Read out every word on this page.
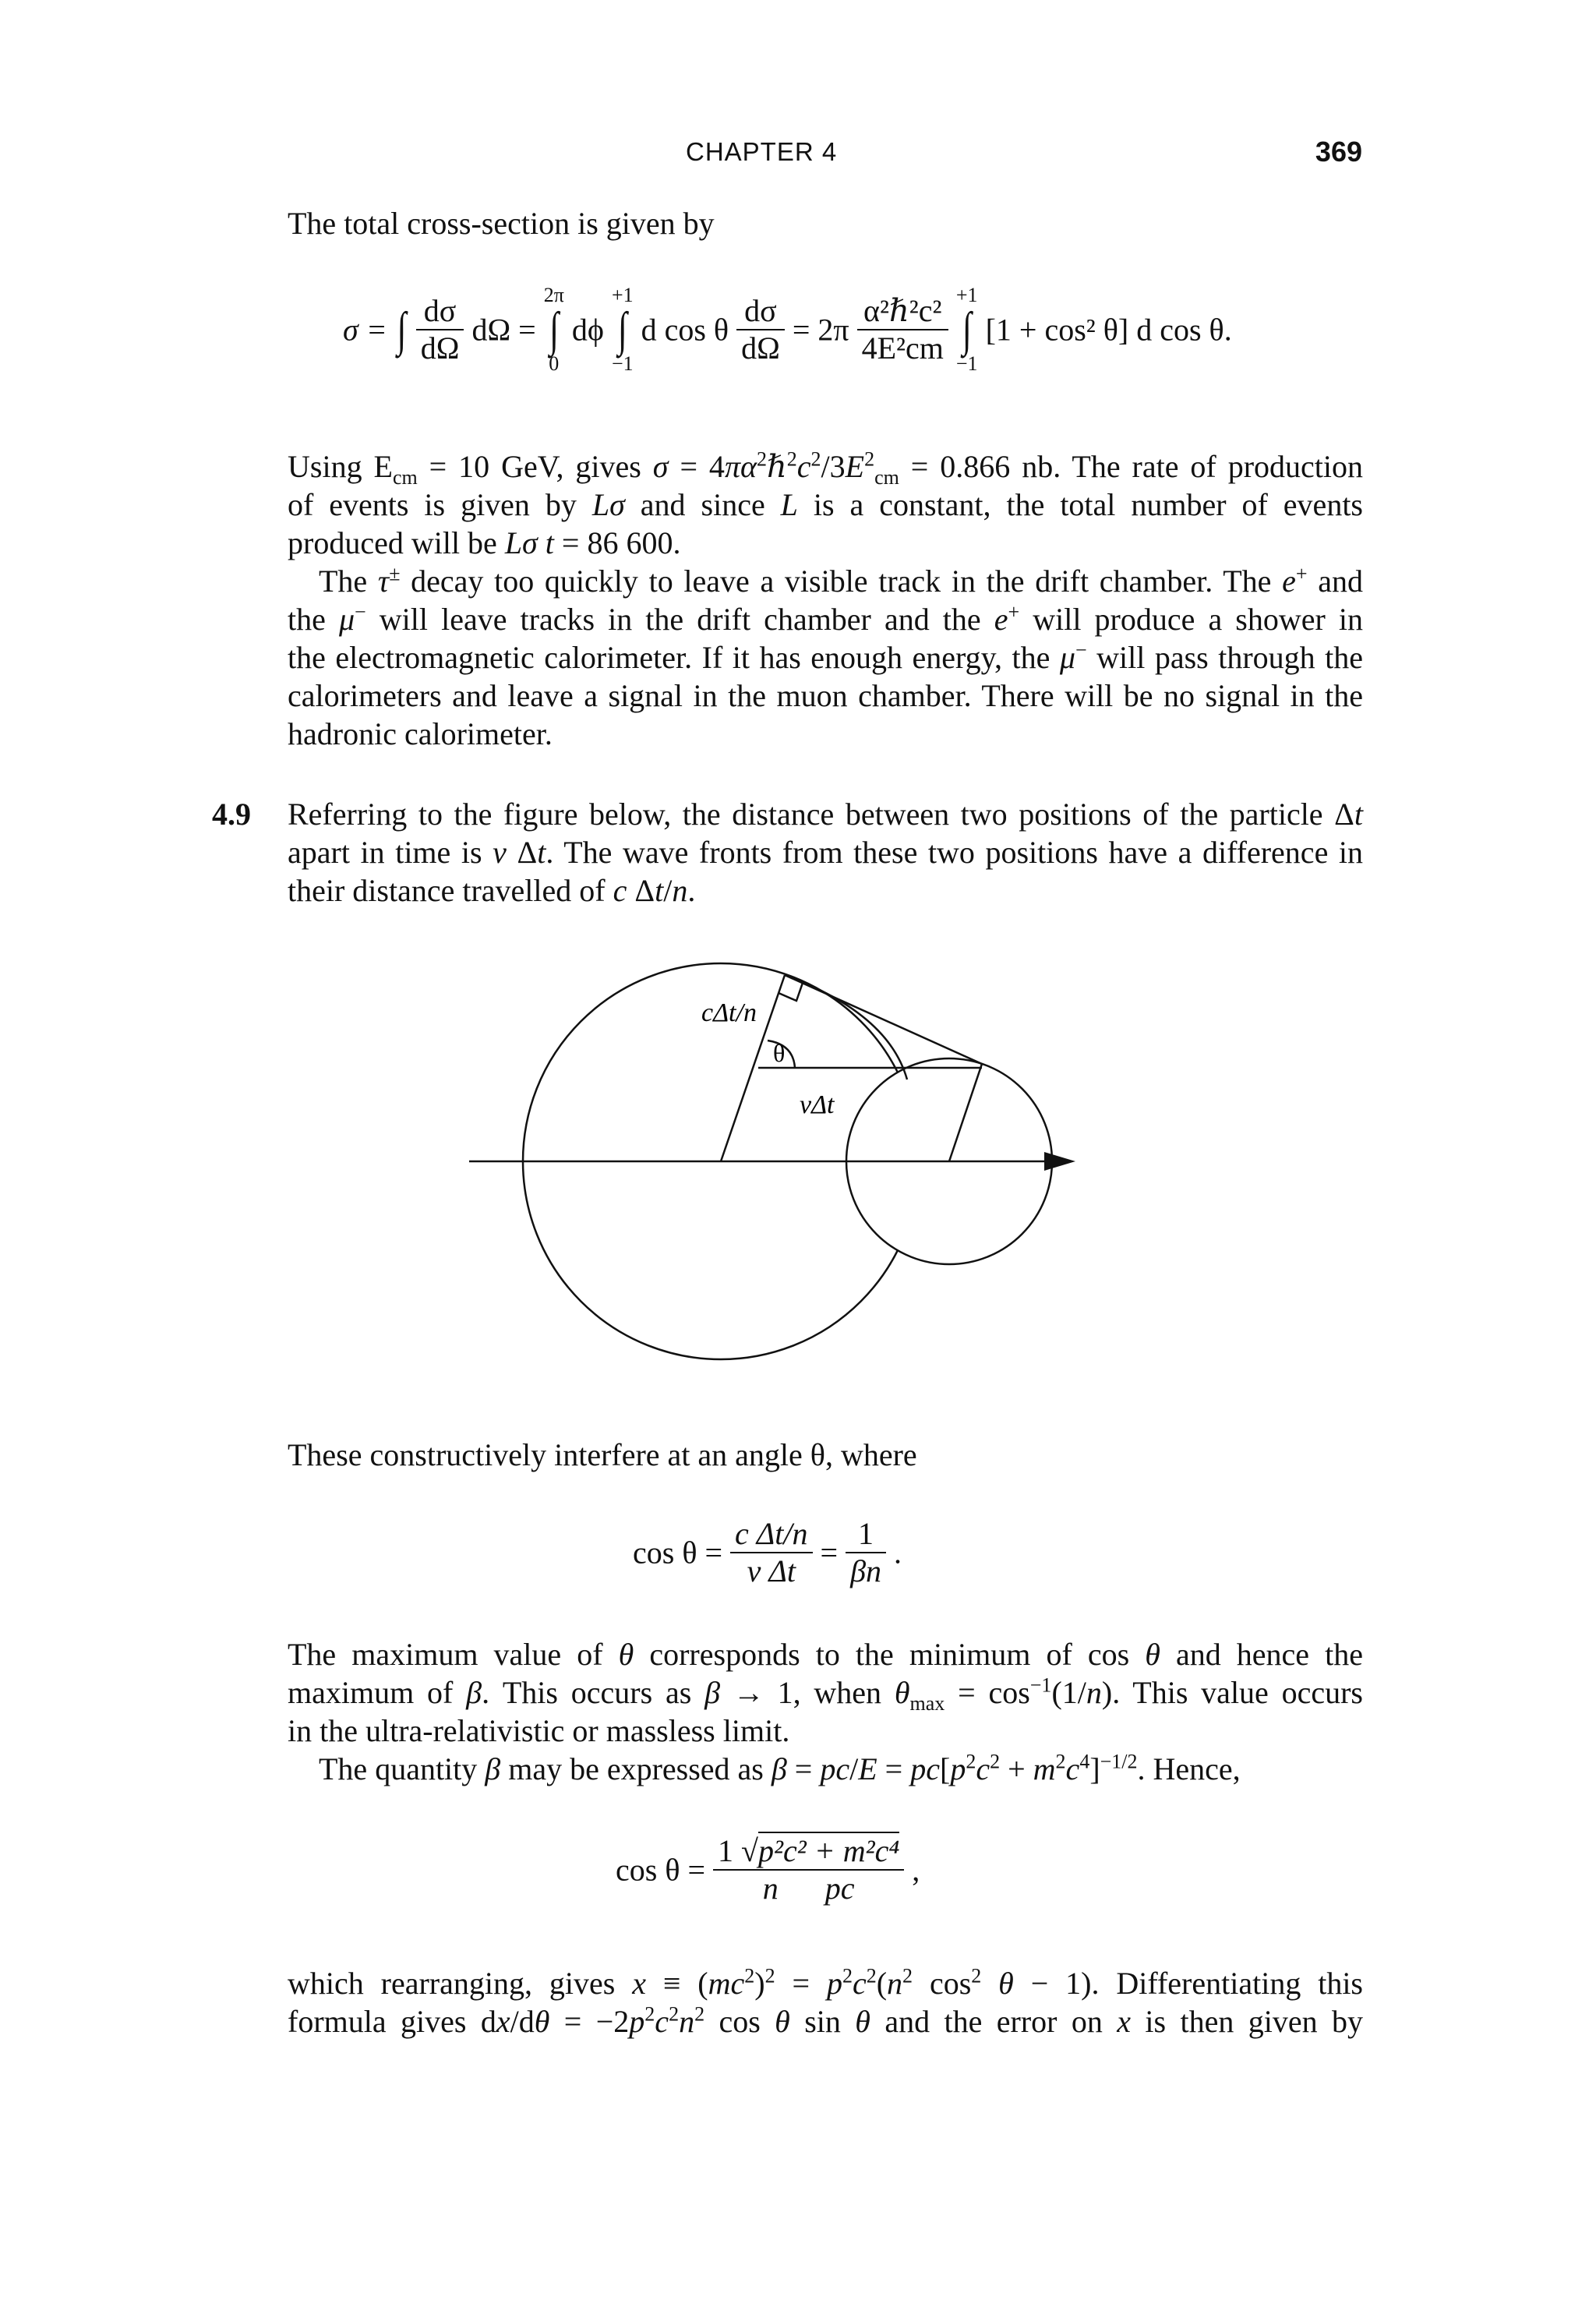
CHAPTER 4	369
The total cross-section is given by
σ =
∫

$\frac{d\sigma}{d\Omega}$ dΩ =
2π
∫
0
dϕ
+1
∫
−1
d cos θ $\frac{d\sigma}{d\Omega} = 2\pi \frac{\text{α²ℏ²c²}}{\text{4E²cm}}$
+1
∫
−1
[1 + cos² θ] d cos θ.
Using $E_{cm} = 10$ GeV, gives $\sigma = 4\pi\alpha^2\hbar^2c^2/3E^2_{cm} = 0.866$ nb. The rate of production
of events is given by Lσ and since L is a constant, the total number of events
produced will be Lσ t = 86 600.
The τ± decay too quickly to leave a visible track in the drift chamber. The e+ and
the μ− will leave tracks in the drift chamber and the e+ will produce a shower in
the electromagnetic calorimeter. If it has enough energy, the μ− will pass through the
calorimeters and leave a signal in the muon chamber. There will be no signal in the
hadronic calorimeter.
4.9 Referring to the figure below, the distance between two positions of the particle Δt
apart in time is v Δt. The wave fronts from these two positions have a difference in
their distance travelled of c Δt/n.
cΔt/n
θ
vΔt
These constructively interfere at an angle θ, where
$\cos \theta = \frac{\text{c Δt/n}}{\text{v Δt}} = \frac{1}{\beta n}$ .
The maximum value of θ corresponds to the minimum of cos θ and hence the
maximum of β. This occurs as β → 1, when $\theta_{max} = \cos^{-1}(1/n)$. This value occurs
in the ultra-relativistic or massless limit.
The quantity β may be expressed as $\beta = pc/E = pc[p^2c^2 + m^2c^4]^{-1/2}$. Hence,
$\cos \theta = \frac{\text{1 √p²c² + m²c⁴}}{\text{n pc}}$ ,
which rearranging, gives $x \equiv (mc^2)^2 = p^2c^2(n^2$ $\cos^2 \theta - 1$). Differentiating this
formula gives $dx/d\theta = -2p^2c^2n^2$ cos θ sin θ and the error on x is then given by
